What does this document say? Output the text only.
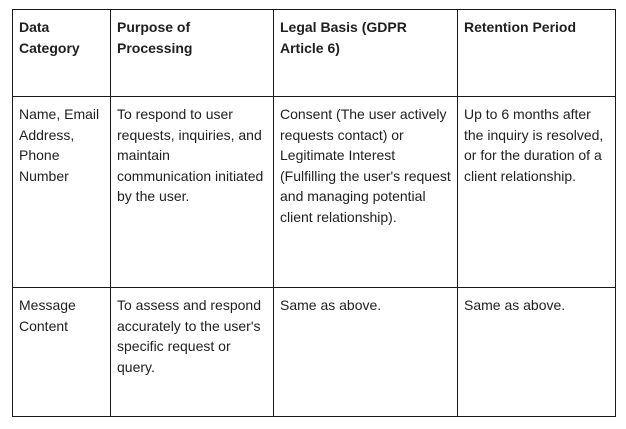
Data Category	Purpose of Processing	Legal Basis (GDPR Article 6)	Retention Period
Name, Email Address, Phone Number	To respond to user requests, inquiries, and maintain communication initiated by the user.	Consent (The user actively requests contact) or Legitimate Interest (Fulfilling the user's request and managing potential client relationship).	Up to 6 months after the inquiry is resolved, or for the duration of a client relationship.
Message Content	To assess and respond accurately to the user's specific request or query.	Same as above.	Same as above.
